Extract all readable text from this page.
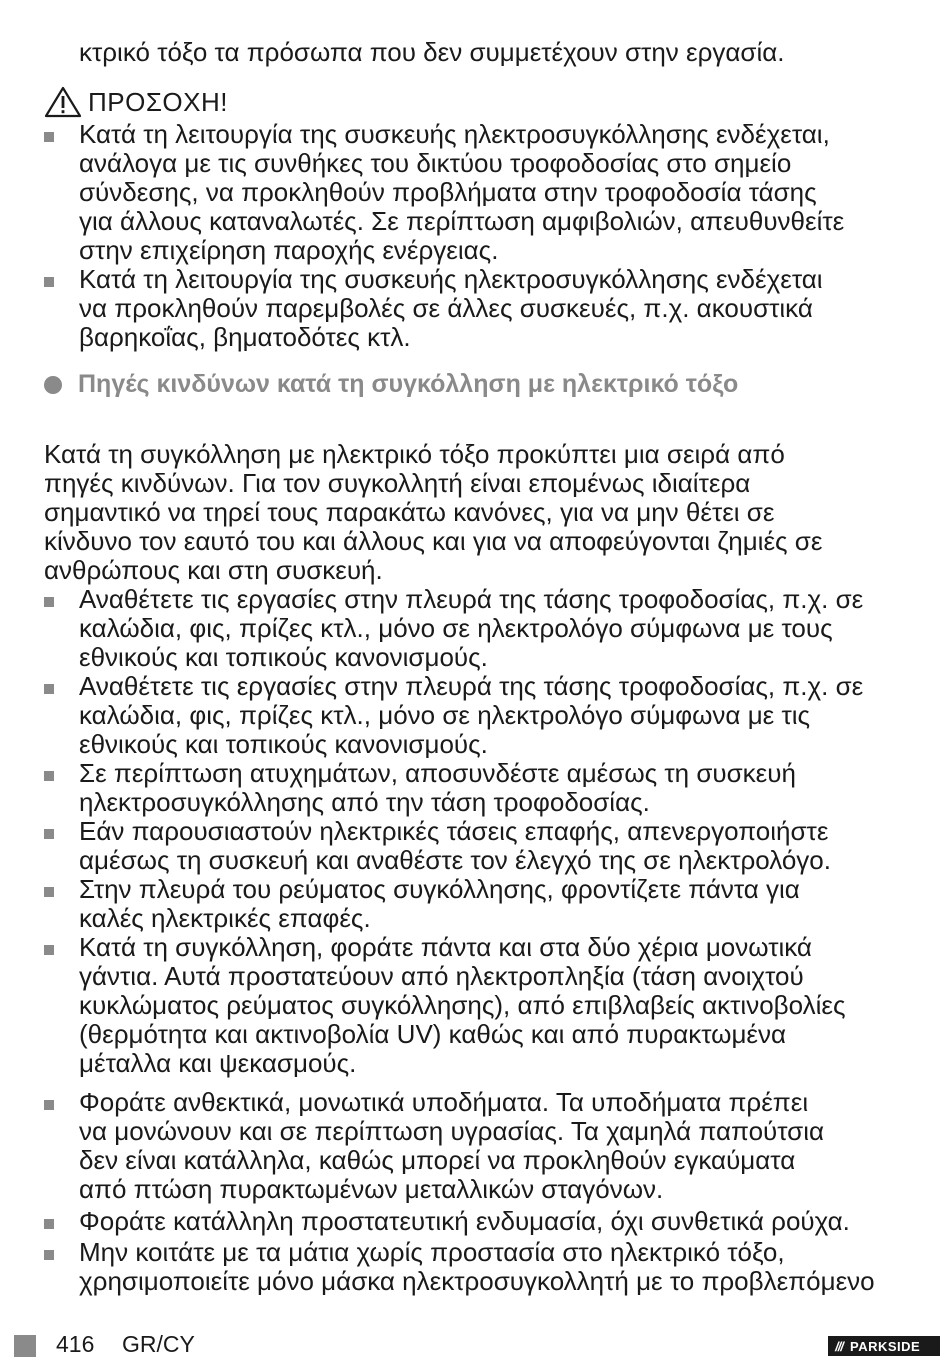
κτρικό τόξο τα πρόσωπα που δεν συμμετέχουν στην εργασία.
ΠΡΟΣΟΧΗ!
Κατά τη λειτουργία της συσκευής ηλεκτροσυγκόλλησης ενδέχεται,
ανάλογα με τις συνθήκες του δικτύου τροφοδοσίας στο σημείο
σύνδεσης, να προκληθούν προβλήματα στην τροφοδοσία τάσης
για άλλους καταναλωτές. Σε περίπτωση αμφιβολιών, απευθυνθείτε
στην επιχείρηση παροχής ενέργειας.
Κατά τη λειτουργία της συσκευής ηλεκτροσυγκόλλησης ενδέχεται
να προκληθούν παρεμβολές σε άλλες συσκευές, π.χ. ακουστικά
βαρηκοΐας, βηματοδότες κτλ.
Πηγές κινδύνων κατά τη συγκόλληση με ηλεκτρικό τόξο
Κατά τη συγκόλληση με ηλεκτρικό τόξο προκύπτει μια σειρά από
πηγές κινδύνων. Για τον συγκολλητή είναι επομένως ιδιαίτερα
σημαντικό να τηρεί τους παρακάτω κανόνες, για να μην θέτει σε
κίνδυνο τον εαυτό του και άλλους και για να αποφεύγονται ζημιές σε
ανθρώπους και στη συσκευή.
Αναθέτετε τις εργασίες στην πλευρά της τάσης τροφοδοσίας, π.χ. σε
καλώδια, φις, πρίζες κτλ., μόνο σε ηλεκτρολόγο σύμφωνα με τους
εθνικούς και τοπικούς κανονισμούς.
Αναθέτετε τις εργασίες στην πλευρά της τάσης τροφοδοσίας, π.χ. σε
καλώδια, φις, πρίζες κτλ., μόνο σε ηλεκτρολόγο σύμφωνα με τις
εθνικούς και τοπικούς κανονισμούς.
Σε περίπτωση ατυχημάτων, αποσυνδέστε αμέσως τη συσκευή
ηλεκτροσυγκόλλησης από την τάση τροφοδοσίας.
Εάν παρουσιαστούν ηλεκτρικές τάσεις επαφής, απενεργοποιήστε
αμέσως τη συσκευή και αναθέστε τον έλεγχό της σε ηλεκτρολόγο.
Στην πλευρά του ρεύματος συγκόλλησης, φροντίζετε πάντα για
καλές ηλεκτρικές επαφές.
Κατά τη συγκόλληση, φοράτε πάντα και στα δύο χέρια μονωτικά
γάντια. Αυτά προστατεύουν από ηλεκτροπληξία (τάση ανοιχτού
κυκλώματος ρεύματος συγκόλλησης), από επιβλαβείς ακτινοβολίες
(θερμότητα και ακτινοβολία UV) καθώς και από πυρακτωμένα
μέταλλα και ψεκασμούς.
Φοράτε ανθεκτικά, μονωτικά υποδήματα. Τα υποδήματα πρέπει
να μονώνουν και σε περίπτωση υγρασίας. Τα χαμηλά παπούτσια
δεν είναι κατάλληλα, καθώς μπορεί να προκληθούν εγκαύματα
από πτώση πυρακτωμένων μεταλλικών σταγόνων.
Φοράτε κατάλληλη προστατευτική ενδυμασία, όχι συνθετικά ρούχα.
Μην κοιτάτε με τα μάτια χωρίς προστασία στο ηλεκτρικό τόξο,
χρησιμοποιείτε μόνο μάσκα ηλεκτροσυγκολλητή με το προβλεπόμενο
416 GR/CY	/// PARKSIDE
